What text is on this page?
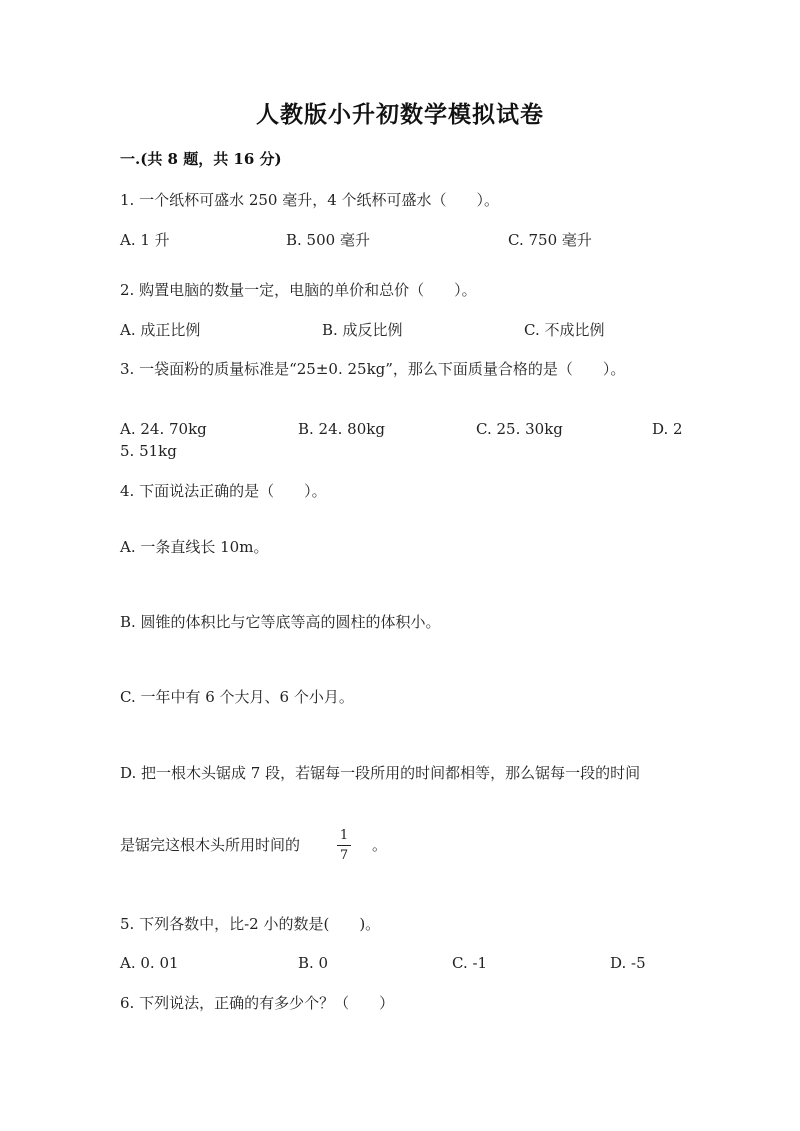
人教版小升初数学模拟试卷
一.(共 8 题，共 16 分)
1. 一个纸杯可盛水 250 毫升，4 个纸杯可盛水（　　）。
A. 1 升	B. 500 毫升	C. 750 毫升
2. 购置电脑的数量一定，电脑的单价和总价（　　）。
A. 成正比例	B. 成反比例	C. 不成比例
3. 一袋面粉的质量标准是“25±0. 25kg”，那么下面质量合格的是（　　）。
A. 24. 70kg	B. 24. 80kg	C. 25. 30kg	D. 2
5. 51kg
4. 下面说法正确的是（　　）。
A. 一条直线长 10m。
B. 圆锥的体积比与它等底等高的圆柱的体积小。
C. 一年中有 6 个大月、6 个小月。
D. 把一根木头锯成 7 段，若锯每一段所用的时间都相等，那么锯每一段的时间
是锯完这根木头所用时间的
1
7
。
5. 下列各数中，比-2 小的数是(　　)。
A. 0. 01	B. 0	C. -1	D. -5
6. 下列说法，正确的有多少个？（　　）
